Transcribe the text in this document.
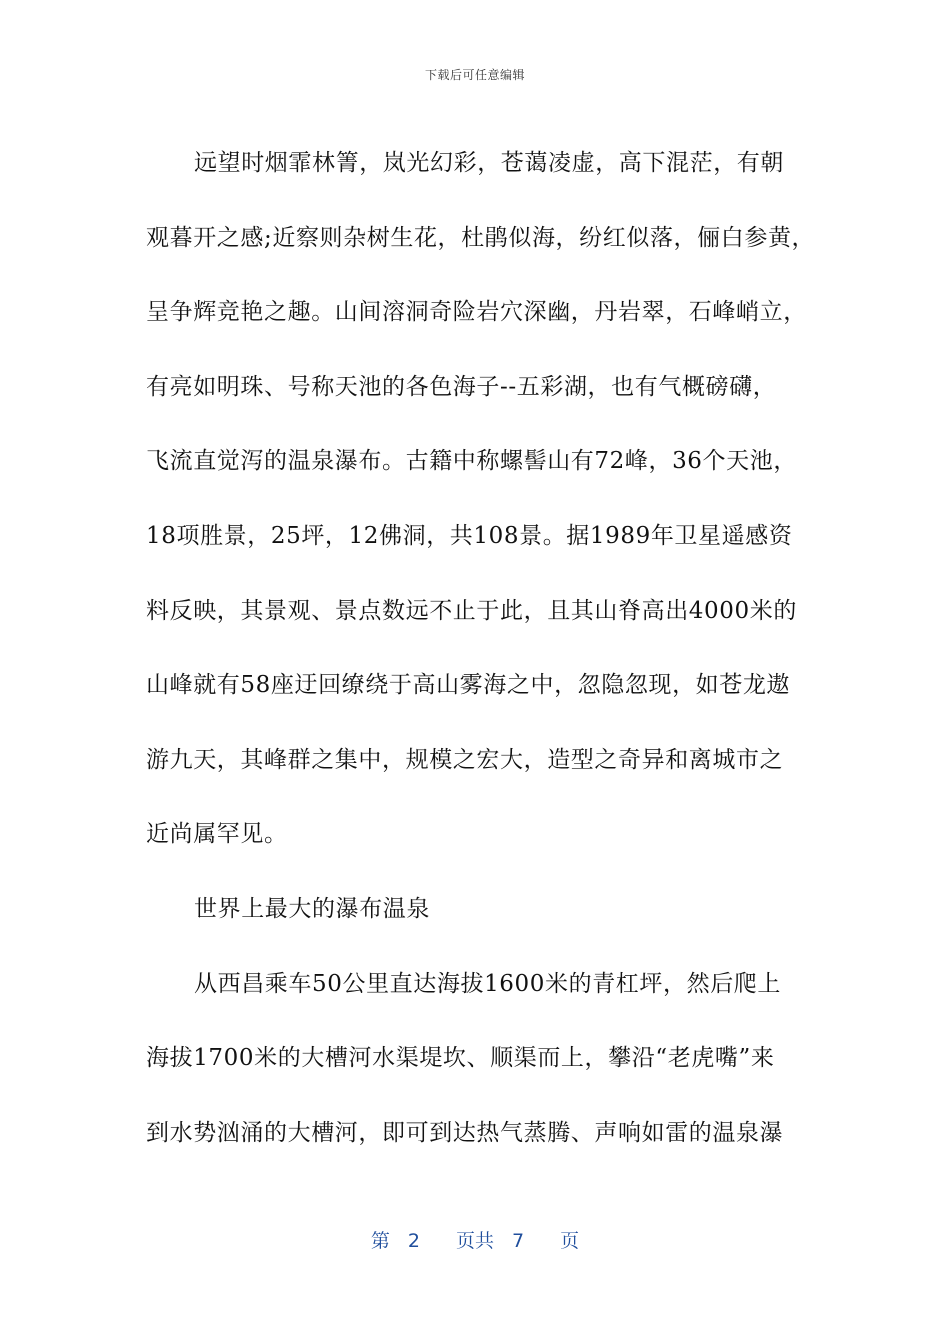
下载后可任意编辑
远望时烟霏林箐，岚光幻彩，苍蔼凌虚，高下混茫，有朝
观暮开之感;近察则杂树生花，杜鹃似海，纷红似落，俪白参黄，
呈争辉竞艳之趣。山间溶洞奇险岩穴深幽，丹岩翠，石峰峭立，
有亮如明珠、号称天池的各色海子--五彩湖，也有气概磅礴，
飞流直觉泻的温泉瀑布。古籍中称螺髻山有72峰，36个天池，
18项胜景，25坪，12佛洞，共108景。据1989年卫星遥感资
料反映，其景观、景点数远不止于此，且其山脊高出4000米的
山峰就有58座迂回缭绕于高山雾海之中，忽隐忽现，如苍龙遨
游九天，其峰群之集中，规模之宏大，造型之奇异和离城市之
近尚属罕见。
世界上最大的瀑布温泉
从西昌乘车50公里直达海拔1600米的青杠坪，然后爬上
海拔1700米的大槽河水渠堤坎、顺渠而上，攀沿“老虎嘴”来
到水势汹涌的大槽河，即可到达热气蒸腾、声响如雷的温泉瀑
第 2 页共 7 页
